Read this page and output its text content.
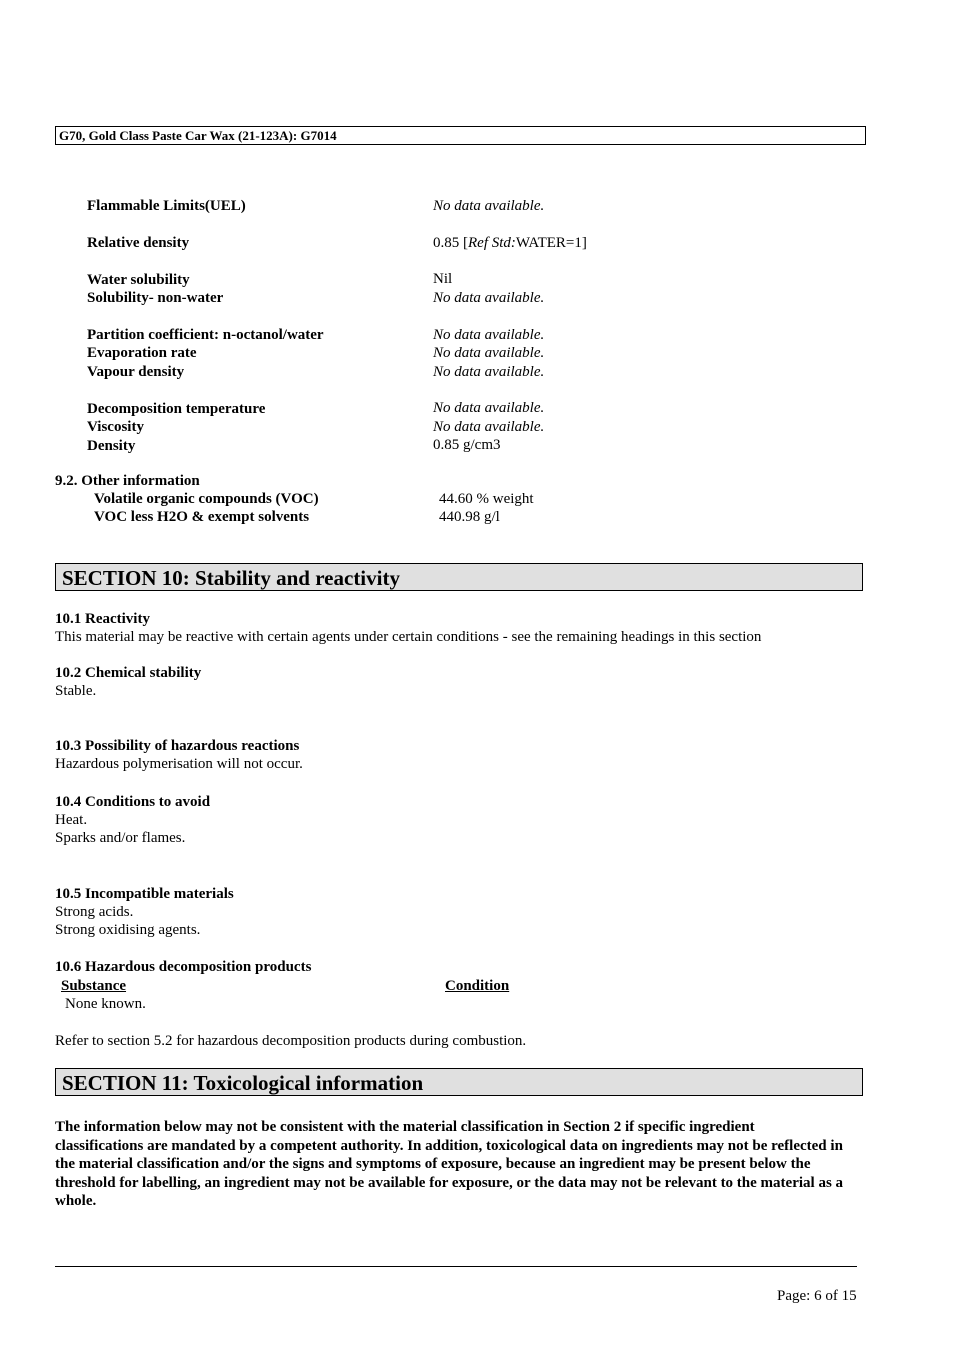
G70, Gold Class Paste Car Wax (21-123A): G7014
Flammable Limits(UEL)	No data available.
Relative density	0.85 [Ref Std:WATER=1]
Water solubility	Nil
Solubility- non-water	No data available.
Partition coefficient: n-octanol/water	No data available.
Evaporation rate	No data available.
Vapour density	No data available.
Decomposition temperature	No data available.
Viscosity	No data available.
Density	0.85 g/cm3
9.2. Other information
Volatile organic compounds (VOC)	44.60 % weight
VOC less H2O & exempt solvents	440.98 g/l
SECTION 10: Stability and reactivity
10.1 Reactivity
This material may be reactive with certain agents under certain conditions - see the remaining headings in this section
10.2 Chemical stability
Stable.
10.3 Possibility of hazardous reactions
Hazardous polymerisation will not occur.
10.4 Conditions to avoid
Heat.
Sparks and/or flames.
10.5 Incompatible materials
Strong acids.
Strong oxidising agents.
10.6 Hazardous decomposition products
Substance	Condition
None known.
Refer to section 5.2 for hazardous decomposition products during combustion.
SECTION 11: Toxicological information
The information below may not be consistent with the material classification in Section 2 if specific ingredient classifications are mandated by a competent authority. In addition, toxicological data on ingredients may not be reflected in the material classification and/or the signs and symptoms of exposure, because an ingredient may be present below the threshold for labelling, an ingredient may not be available for exposure, or the data may not be relevant to the material as a whole.
Page: 6 of 15
